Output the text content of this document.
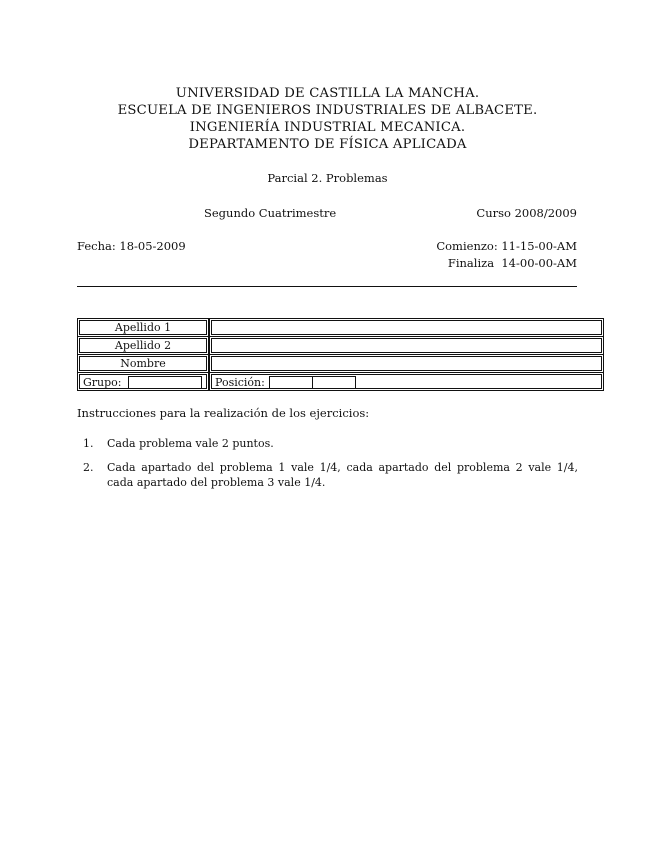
UNIVERSIDAD DE CASTILLA LA MANCHA.
ESCUELA DE INGENIEROS INDUSTRIALES DE ALBACETE.
INGENIERÍA INDUSTRIAL MECANICA.
DEPARTAMENTO DE FÍSICA APLICADA
Parcial 2. Problemas
Segundo Cuatrimestre	Curso 2008/2009
Fecha: 18-05-2009	Comienzo: 11-15-00-AM
Finaliza  14-00-00-AM
Apellido 1
Apellido 2
Nombre
Grupo:	Posición:
Instrucciones para la realización de los ejercicios:
1. Cada problema vale 2 puntos.
2. Cada apartado del problema 1 vale 1/4, cada apartado del problema 2 vale 1/4, cada apartado del problema 3 vale 1/4.
